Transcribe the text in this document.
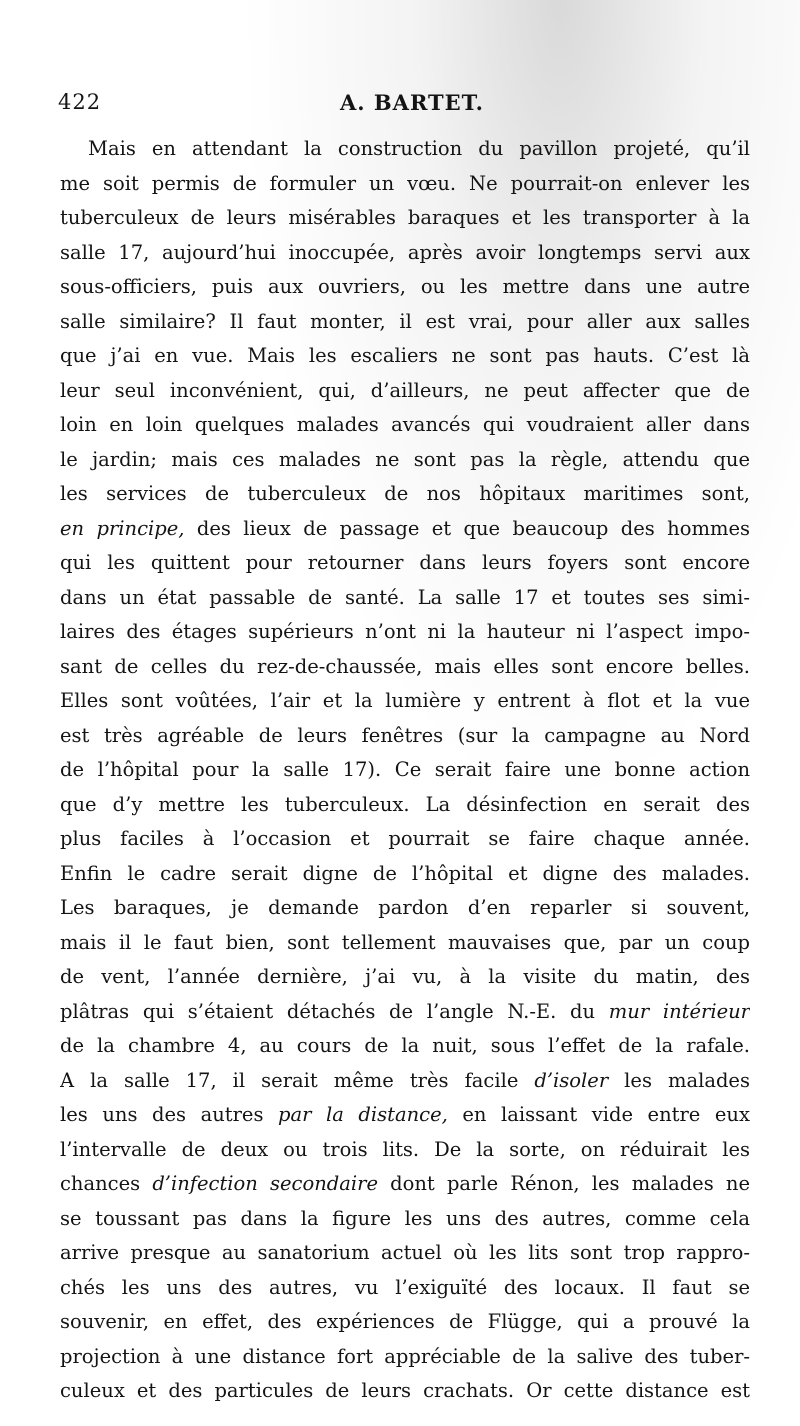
422	A. BARTET.
Mais en attendant la construction du pavillon projeté, qu’il
me soit permis de formuler un vœu. Ne pourrait-on enlever les
tuberculeux de leurs misérables baraques et les transporter à la
salle 17, aujourd’hui inoccupée, après avoir longtemps servi aux
sous-officiers, puis aux ouvriers, ou les mettre dans une autre
salle similaire? Il faut monter, il est vrai, pour aller aux salles
que j’ai en vue. Mais les escaliers ne sont pas hauts. C’est là
leur seul inconvénient, qui, d’ailleurs, ne peut affecter que de
loin en loin quelques malades avancés qui voudraient aller dans
le jardin; mais ces malades ne sont pas la règle, attendu que
les services de tuberculeux de nos hôpitaux maritimes sont,
en principe, des lieux de passage et que beaucoup des hommes
qui les quittent pour retourner dans leurs foyers sont encore
dans un état passable de santé. La salle 17 et toutes ses simi-
laires des étages supérieurs n’ont ni la hauteur ni l’aspect impo-
sant de celles du rez-de-chaussée, mais elles sont encore belles.
Elles sont voûtées, l’air et la lumière y entrent à flot et la vue
est très agréable de leurs fenêtres (sur la campagne au Nord
de l’hôpital pour la salle 17). Ce serait faire une bonne action
que d’y mettre les tuberculeux. La désinfection en serait des
plus faciles à l’occasion et pourrait se faire chaque année.
Enfin le cadre serait digne de l’hôpital et digne des malades.
Les baraques, je demande pardon d’en reparler si souvent,
mais il le faut bien, sont tellement mauvaises que, par un coup
de vent, l’année dernière, j’ai vu, à la visite du matin, des
plâtras qui s’étaient détachés de l’angle N.-E. du mur intérieur
de la chambre 4, au cours de la nuit, sous l’effet de la rafale.
A la salle 17, il serait même très facile d’isoler les malades
les uns des autres par la distance, en laissant vide entre eux
l’intervalle de deux ou trois lits. De la sorte, on réduirait les
chances d’infection secondaire dont parle Rénon, les malades ne
se toussant pas dans la figure les uns des autres, comme cela
arrive presque au sanatorium actuel où les lits sont trop rappro-
chés les uns des autres, vu l’exiguïté des locaux. Il faut se
souvenir, en effet, des expériences de Flügge, qui a prouvé la
projection à une distance fort appréciable de la salive des tuber-
culeux et des particules de leurs crachats. Or cette distance est
